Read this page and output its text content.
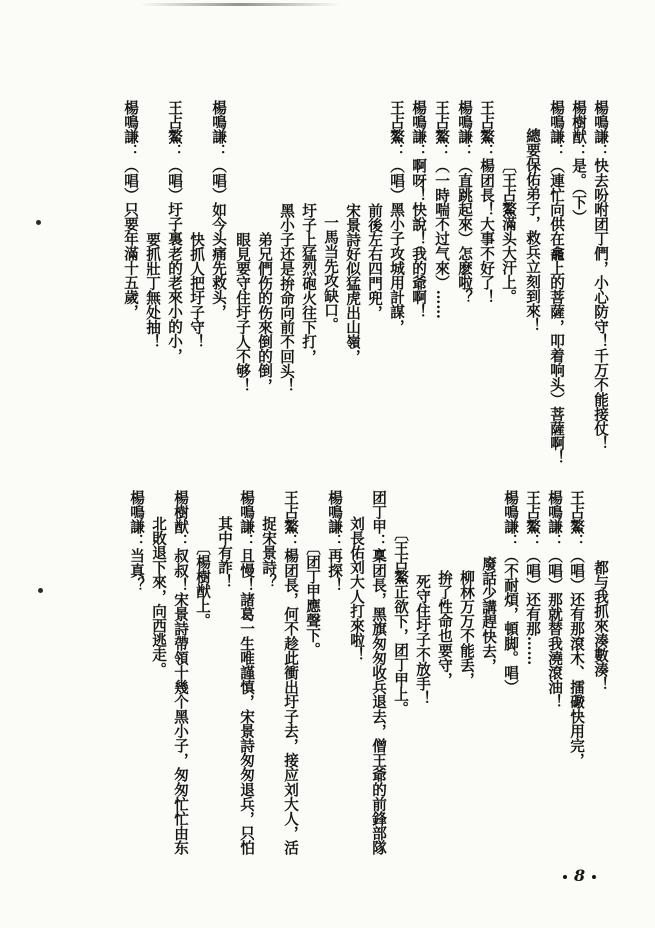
楊鳴謙：快去吩咐团丁們，小心防守！千万不能接仗！
楊樹猷：是。（下）
楊鳴謙：（連忙向供在龕上的菩薩，叩着响头）菩薩啊！
總要保佑弟子，救兵立刻到來！
〔王占鰲滿头大汗上。
王占鰲：楊团長！大事不好了！
楊鳴謙：（直跳起來）怎麽啦？
王占鰲：（一時喘不过气來）……
楊鳴謙：啊呀！快說！我的爺啊！
王占鰲：（唱）黑小子攻城用計謀，
前後左右四門兜，
宋景詩好似猛虎出山嶺，
一馬当先攻缺口。
圩子上猛烈砲火往下打，
黑小子还是拚命向前不回头！
弟兄們伤的伤來倒的倒，
眼見要守住圩子人不够！
楊鳴謙：（唱）如今头痛先救头，
快抓人把圩子守！
王占鰲：（唱）圩子裏老的老來小的小，
要抓壯丁無处抽！
楊鳴謙：（唱）只要年滿十五歲，
都与我抓來湊數湊！
王占鰲：（唱）还有那滾木、擂礮快用完，
楊鳴謙：（唱）那就替我澆滾油！
王占鰲：（唱）还有那……
楊鳴謙：（不耐煩，頓脚。唱）
廢話少講趕快去，
柳林万万不能丢，
拚了性命也要守，
死守住圩子不放手！
〔王占鰲正欲下，团丁甲上。
团丁甲：稟团長，黑旗匆匆收兵退去，僧王爺的前鋒部隊
刘長佑刘大人打來啦！
楊鳴謙：再探！
〔团丁甲應聲下。
王占鰲：楊团長，何不趁此衝出圩子去，接应刘大人，活
捉宋景詩？
楊鳴謙：且慢！諸葛一生唯謹慎，宋景詩匆匆退兵，只怕
其中有詐！
〔楊樹猷上。
楊樹猷：叔叔！宋景詩帶領十幾个黑小子，匆匆忙忙由东
北敗退下來，向西逃走。
楊鳴謙：当真？
8
